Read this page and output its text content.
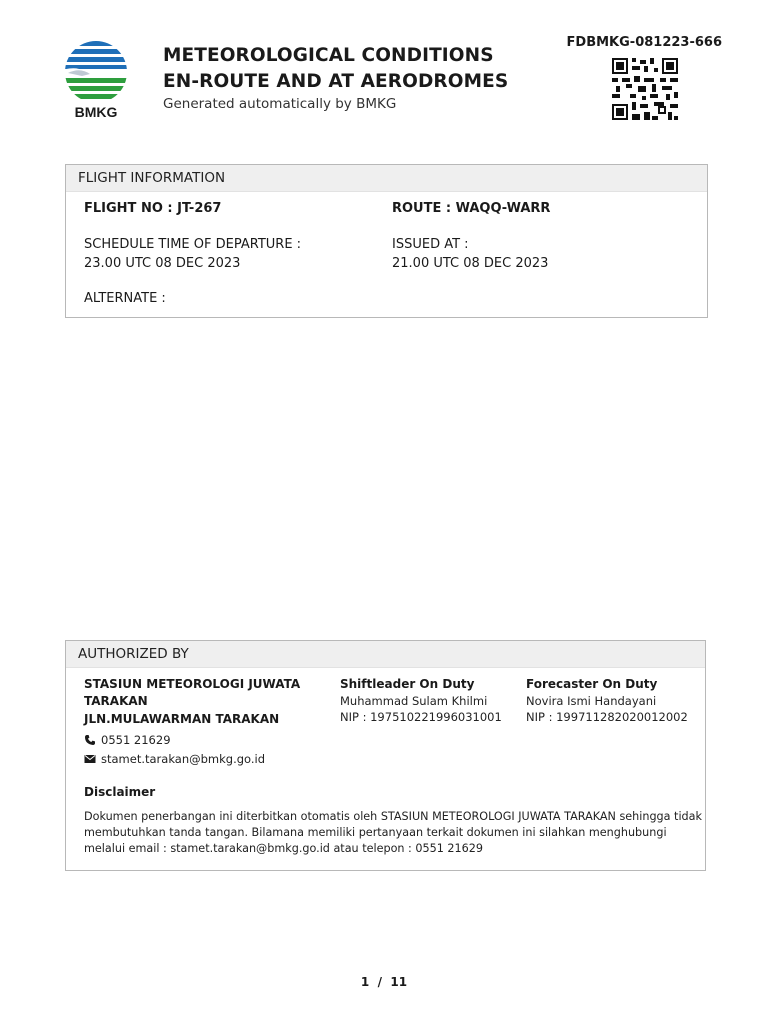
BMKG
METEOROLOGICAL CONDITIONS
EN-ROUTE AND AT AERODROMES
Generated automatically by BMKG
FDBMKG-081223-666
FLIGHT INFORMATION
FLIGHT NO : JT-267	ROUTE : WAQQ-WARR
SCHEDULE TIME OF DEPARTURE :
23.00 UTC 08 DEC 2023
ISSUED AT :
21.00 UTC 08 DEC 2023
ALTERNATE :
AUTHORIZED BY
STASIUN METEOROLOGI JUWATA
TARAKAN
JLN.MULAWARMAN TARAKAN
0551 21629
stamet.tarakan@bmkg.go.id
Shiftleader On Duty
Muhammad Sulam Khilmi
NIP : 197510221996031001
Forecaster On Duty
Novira Ismi Handayani
NIP : 199711282020012002
Disclaimer
Dokumen penerbangan ini diterbitkan otomatis oleh STASIUN METEOROLOGI JUWATA TARAKAN sehingga tidak
membutuhkan tanda tangan. Bilamana memiliki pertanyaan terkait dokumen ini silahkan menghubungi
melalui email : stamet.tarakan@bmkg.go.id atau telepon : 0551 21629
1  /  11
